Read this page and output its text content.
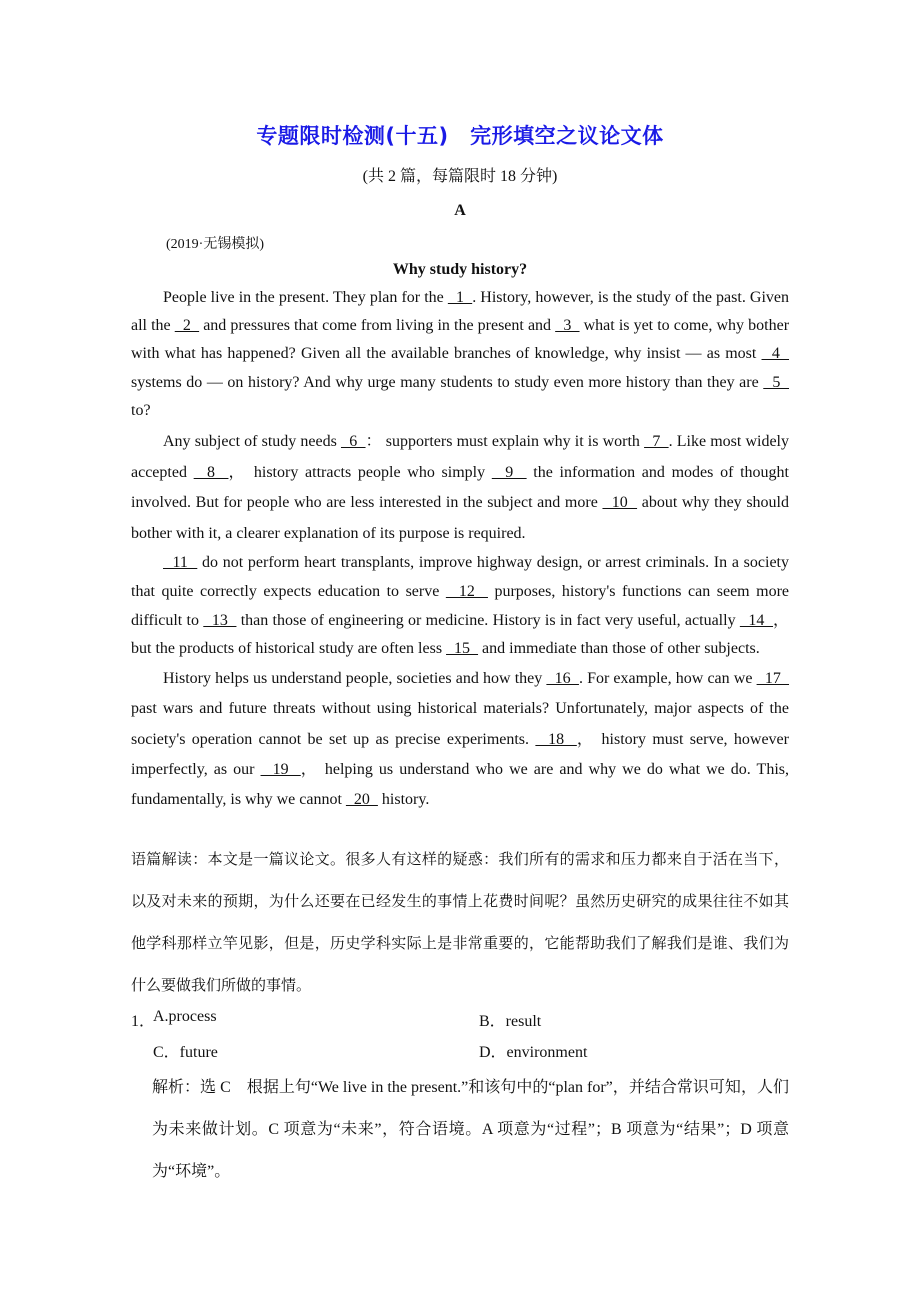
专题限时检测(十五)　完形填空之议论文体
(共 2 篇，每篇限时 18 分钟)
A
(2019·无锡模拟)
Why study history?

People live in the present. They plan for the   1  . History, however, is the study of the past. Given all the   2   and pressures that come from living in the present and   3   what is yet to come, why bother with what has happened? Given all the available branches of knowledge, why insist — as most   4   systems do — on history? And why urge many students to study even more history than they are   5   to?

Any subject of study needs   6  ： supporters must explain why it is worth   7  . Like most widely accepted   8  ， history attracts people who simply   9   the information and modes of thought involved. But for people who are less interested in the subject and more   10   about why they should bother with it, a clearer explanation of its purpose is required.

11   do not perform heart transplants, improve highway design, or arrest criminals. In a society that quite correctly expects education to serve   12   purposes, history's functions can seem more difficult to   13   than those of engineering or medicine. History is in fact very useful, actually   14  ， but the products of historical study are often less   15   and immediate than those of other subjects.

History helps us understand people, societies and how they   16  . For example, how can we   17   past wars and future threats without using historical materials? Unfortunately, major aspects of the society's operation cannot be set up as precise experiments.   18  ， history must serve, however imperfectly, as our   19  ， helping us understand who we are and why we do what we do. This, fundamentally, is why we cannot   20   history.

语篇解读：本文是一篇议论文。很多人有这样的疑惑：我们所有的需求和压力都来自于活在当下，以及对未来的预期，为什么还要在已经发生的事情上花费时间呢？虽然历史研究的成果往往不如其他学科那样立竿见影，但是，历史学科实际上是非常重要的，它能帮助我们了解我们是谁、我们为什么要做我们所做的事情。
1．
A.process	B．result
C．future	D．environment
解析：选 C　根据上句“We live in the present.”和该句中的“plan for”，并结合常识可知，人们为未来做计划。C 项意为“未来”，符合语境。A 项意为“过程”；B 项意为“结果”；D 项意为“环境”。
